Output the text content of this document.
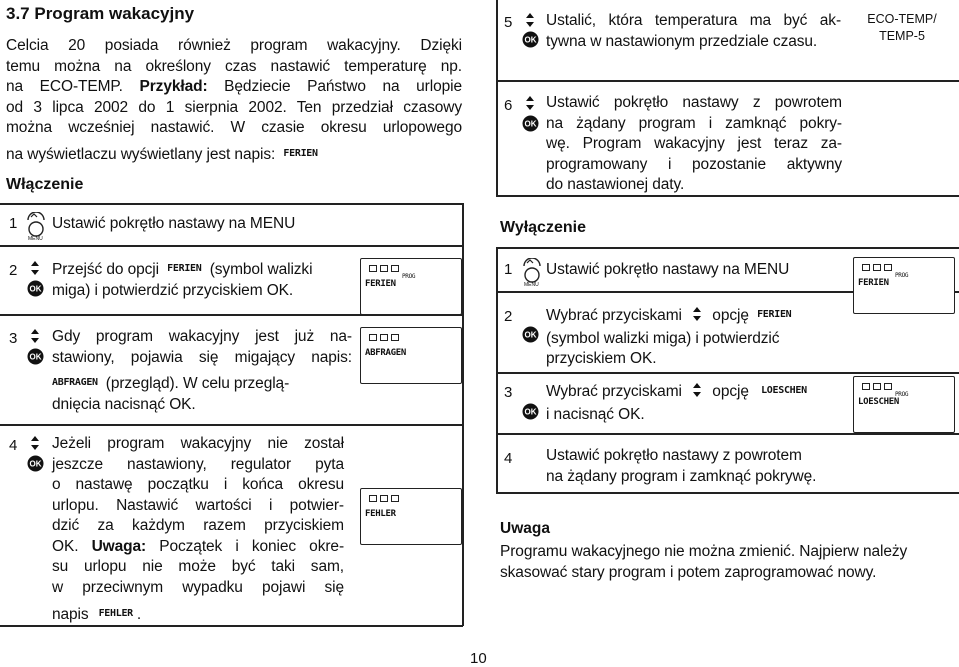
3.7 Program wakacyjny
Celcia 20 posiada również program wakacyjny. Dzięki
temu można na określony czas nastawić temperaturę np.
na ECO-TEMP. Przykład: Będziecie Państwo na urlopie
od 3 lipca 2002 do 1 sierpnia 2002. Ten przedział czasowy
można wcześniej nastawić. W czasie okresu urlopowego
na wyświetlaczu wyświetlany jest napis: FERIEN
Włączenie
1
MENU
Ustawić pokrętło nastawy na MENU
2
OK
Przejść do opcji FERIEN (symbol walizki
miga) i potwierdzić przyciskiem OK.
3
OK
Gdy program wakacyjny jest już na-
stawiony, pojawia się migający napis:
ABFRAGEN (przegląd). W celu przeglą-
dnięcia nacisnąć OK.
4
OK
Jeżeli program wakacyjny nie został
jeszcze nastawiony, regulator pyta
o nastawę początku i końca okresu
urlopu. Nastawić wartości i potwier-
dzić za każdym razem przyciskiem
OK. Uwaga: Początek i koniec okre-
su urlopu nie może być taki sam,
w przeciwnym wypadku pojawi się
napis FEHLER .
PROG
FERIEN
ABFRAGEN
FEHLER
5
OK
Ustalić, która temperatura ma być ak-
tywna w nastawionym przedziale czasu.
ECO-TEMP/
TEMP-5
6
OK
Ustawić pokrętło nastawy z powrotem
na żądany program i zamknąć pokry-
wę. Program wakacyjny jest teraz za-
programowany i pozostanie aktywny
do nastawionej daty.
Wyłączenie
1
MENU
Ustawić pokrętło nastawy na MENU
2
OK
Wybrać przyciskami opcję FERIEN
(symbol walizki miga) i potwierdzić
przyciskiem OK.
3
OK
Wybrać przyciskami opcję LOESCHEN
i nacisnąć OK.
4 Ustawić pokrętło nastawy z powrotem
na żądany program i zamknąć pokrywę.
PROG
FERIEN
PROG
LOESCHEN
Uwaga
Programu wakacyjnego nie można zmienić. Najpierw należy
skasować stary program i potem zaprogramować nowy.
10
